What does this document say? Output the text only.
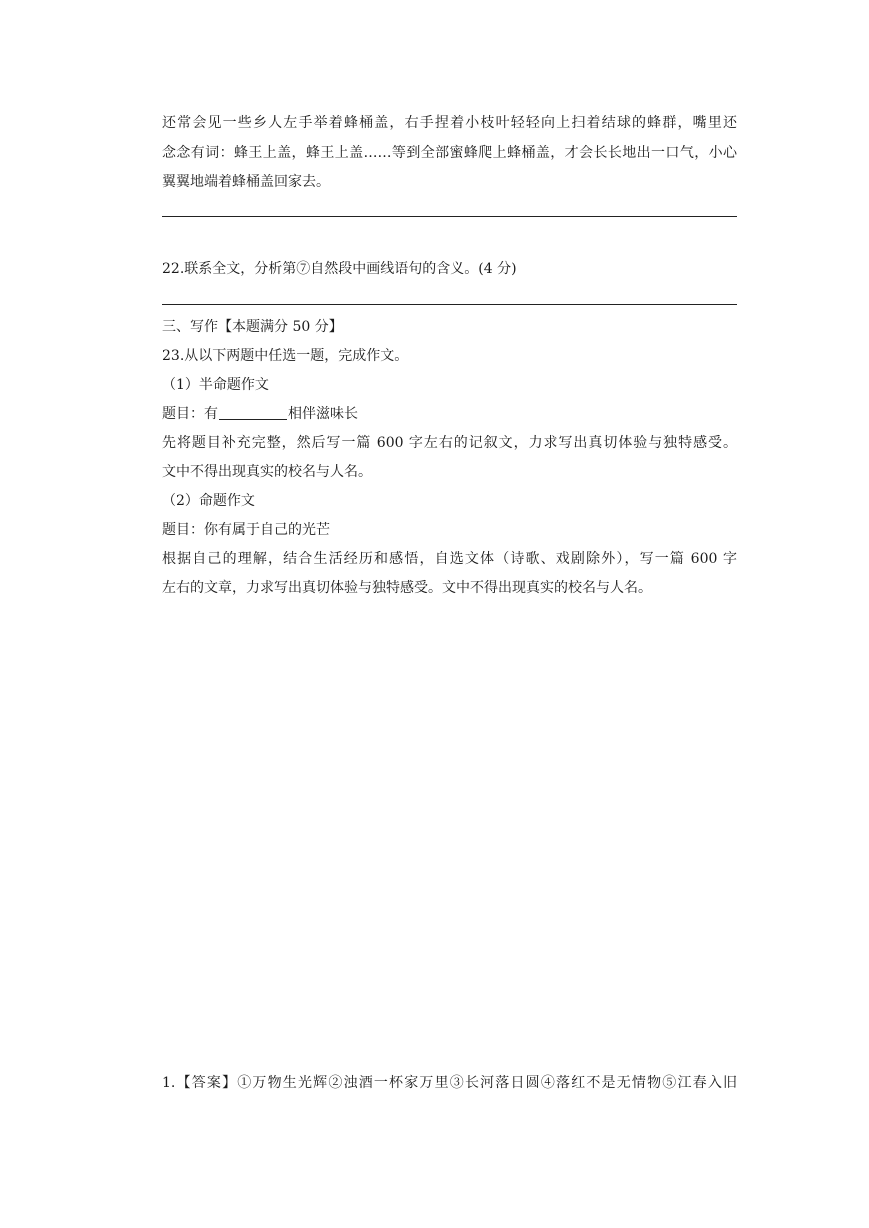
还常会见一些乡人左手举着蜂桶盖，右手捏着小枝叶轻轻向上扫着结球的蜂群，嘴里还
念念有词：蜂王上盖，蜂王上盖……等到全部蜜蜂爬上蜂桶盖，才会长长地出一口气，小心
翼翼地端着蜂桶盖回家去。
22.联系全文，分析第⑦自然段中画线语句的含义。(4 分)
三、写作【本题满分 50 分】
23.从以下两题中任选一题，完成作文。
（1）半命题作文
题目：有	相伴滋味长
先将题目补充完整，然后写一篇 600 字左右的记叙文，力求写出真切体验与独特感受。
文中不得出现真实的校名与人名。
（2）命题作文
题目：你有属于自己的光芒
根据自己的理解，结合生活经历和感悟，自选文体（诗歌、戏剧除外），写一篇 600 字
左右的文章，力求写出真切体验与独特感受。文中不得出现真实的校名与人名。
1.【答案】①万物生光辉②浊酒一杯家万里③长河落日圆④落红不是无情物⑤江春入旧
